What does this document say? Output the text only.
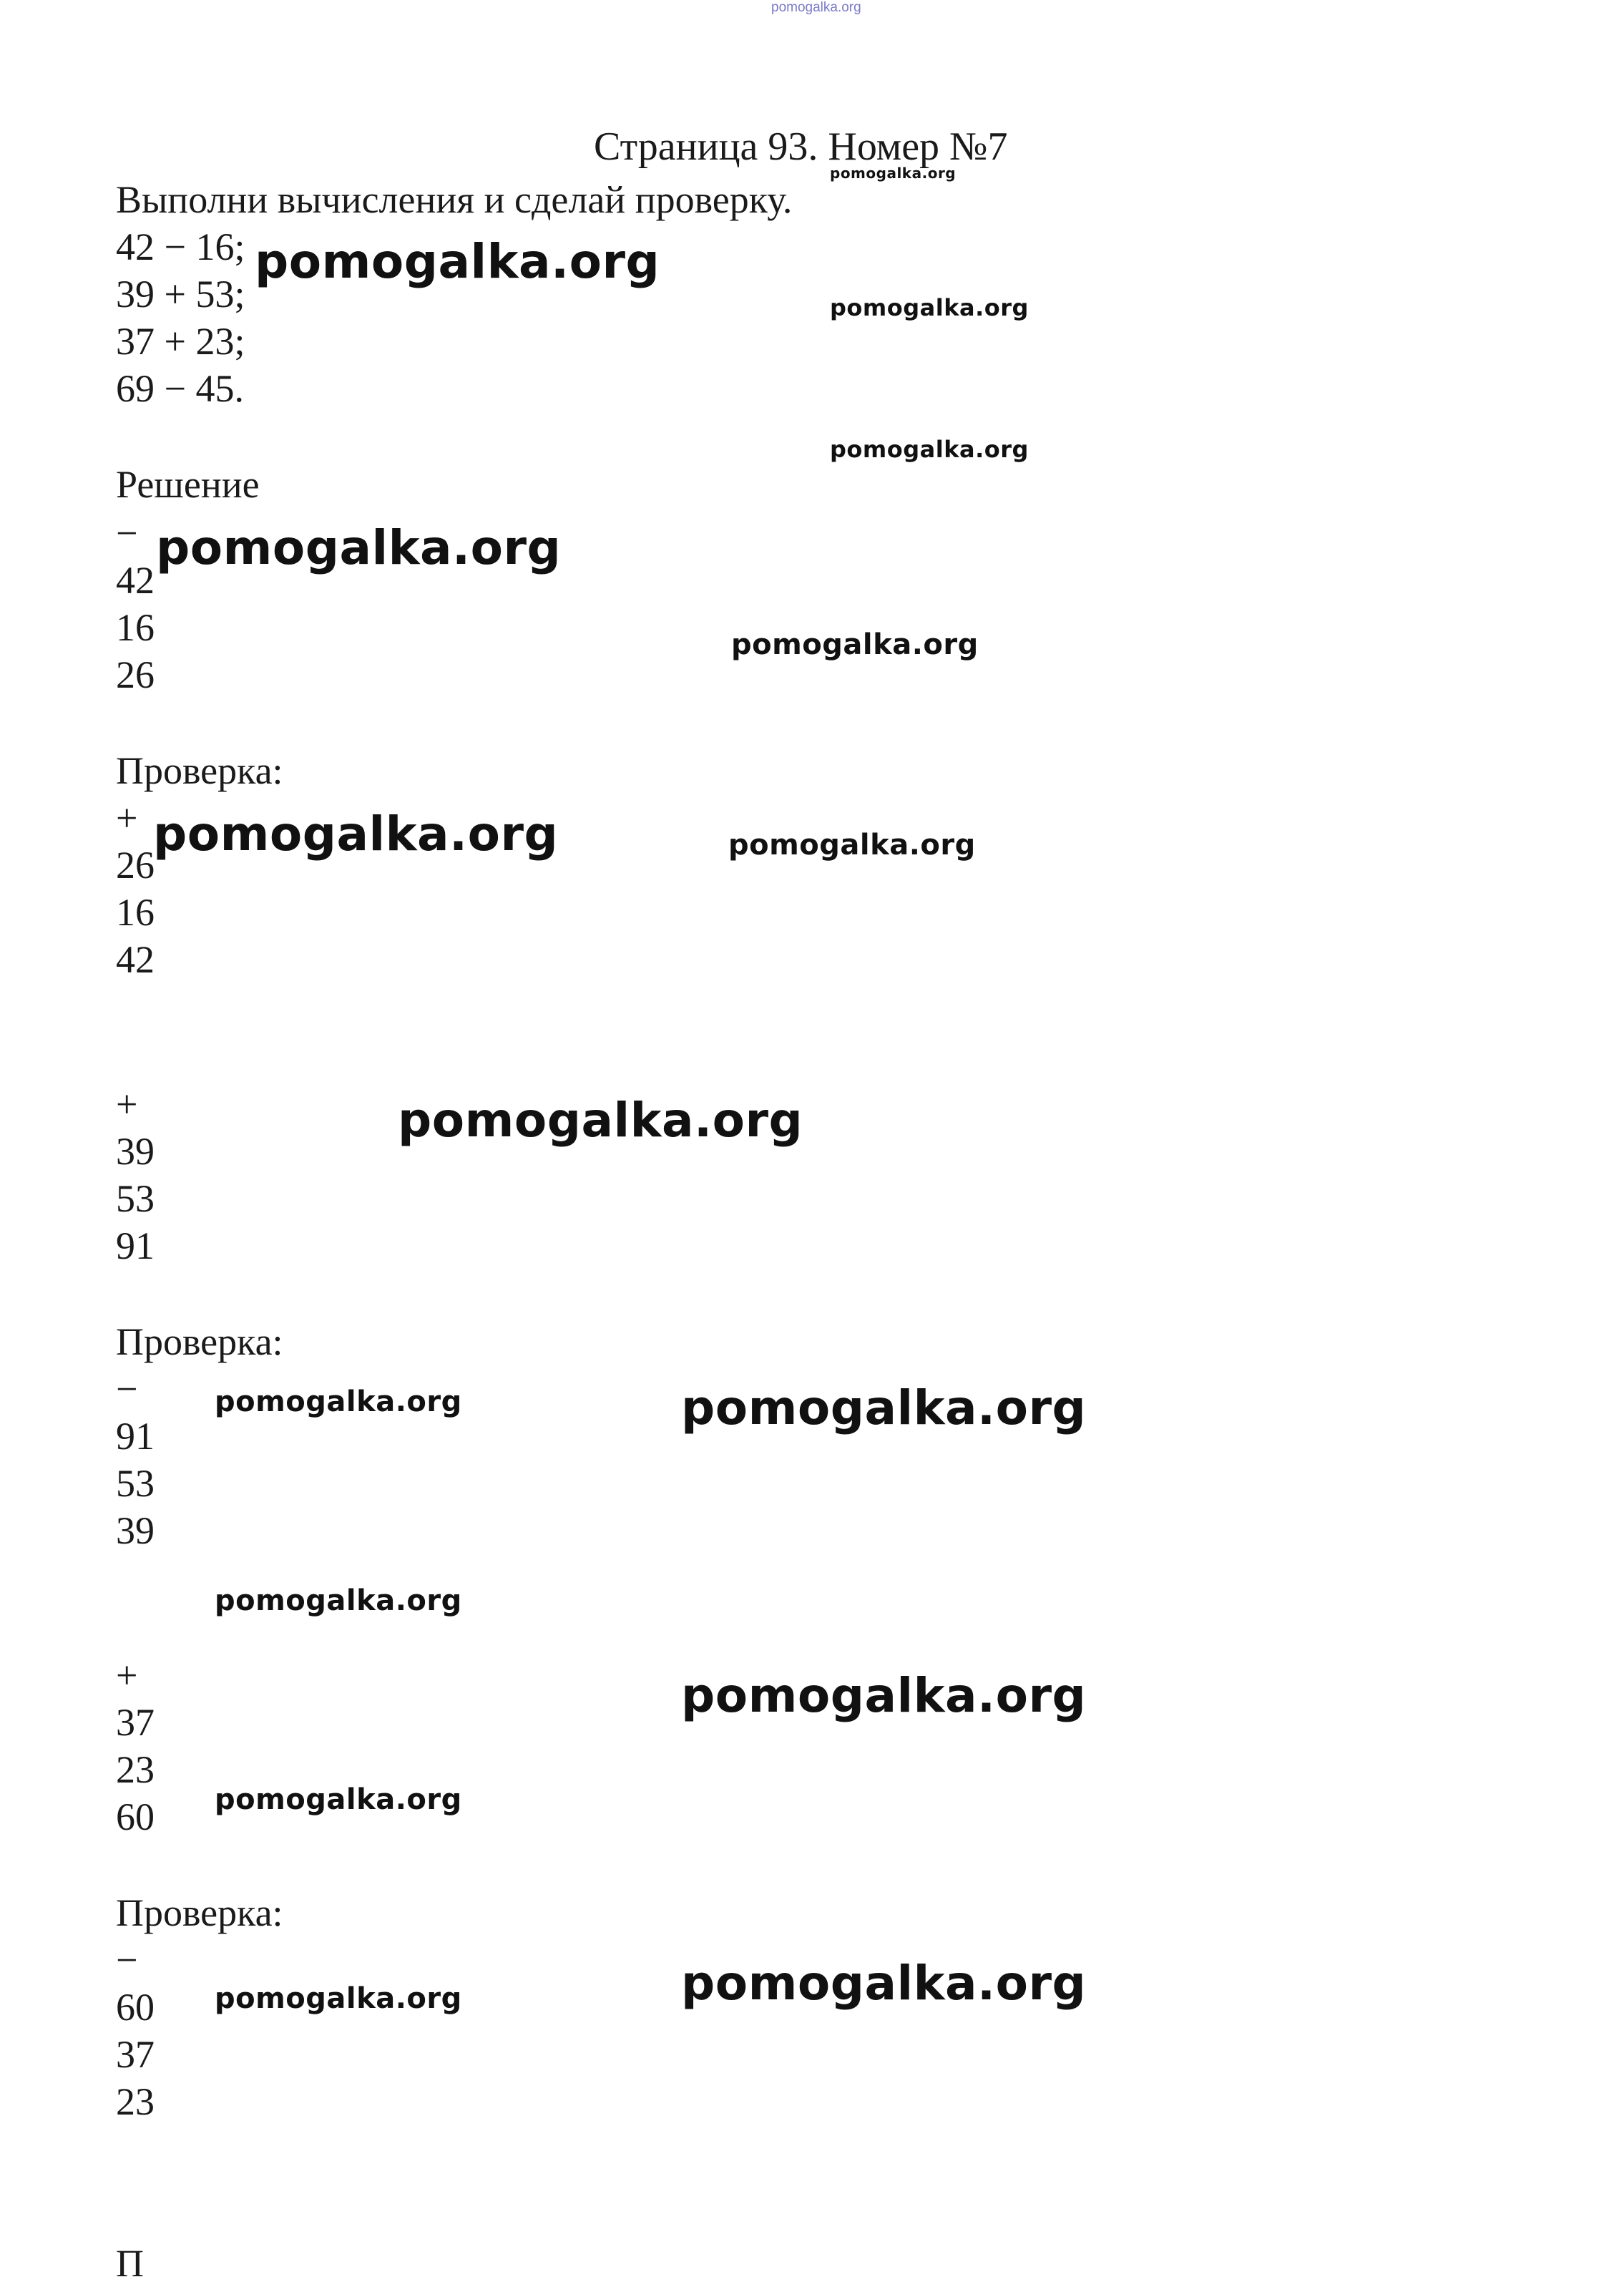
pomogalka.org
Страница 93. Номер №7
pomogalka.org
Выполни вычисления и сделай проверку.
42 − 16;
39 + 53;
37 + 23;
69 − 45.
pomogalka.org
pomogalka.org
pomogalka.org
Решение
−
42
16
26
pomogalka.org
pomogalka.org
Проверка:
+
26
16
42
pomogalka.org	pomogalka.org
+
39
53
91
pomogalka.org
Проверка:
−
91
53
39
pomogalka.org	pomogalka.org
pomogalka.org
+
37
23
60
pomogalka.org
pomogalka.org
Проверка:
−
60
37
23
pomogalka.org	pomogalka.org
П
